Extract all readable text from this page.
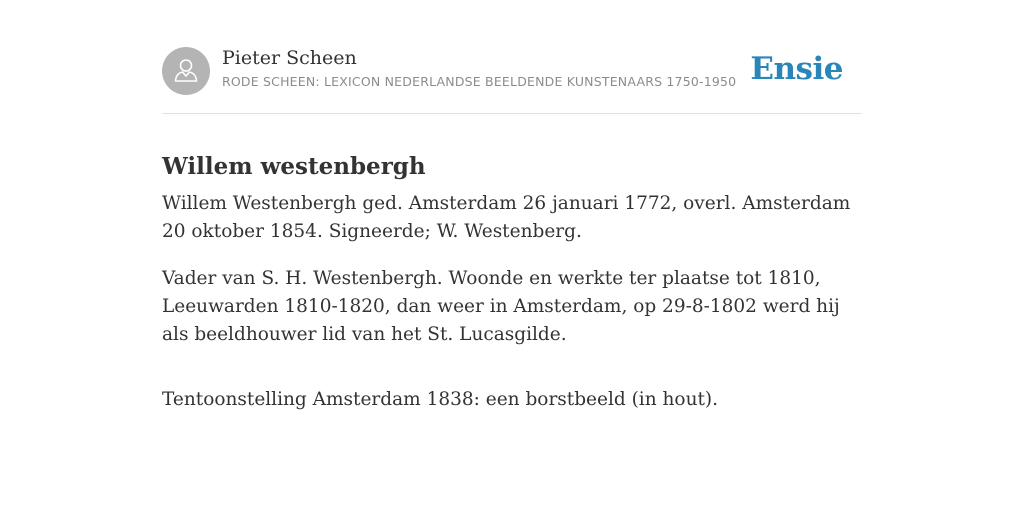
Pieter Scheen
RODE SCHEEN: LEXICON NEDERLANDSE BEELDENDE KUNSTENAARS 1750-1950 Ensie
Willem westenbergh

Willem Westenbergh ged. Amsterdam 26 januari 1772, overl. Amsterdam 20 oktober 1854. Signeerde; W. Westenberg.

Vader van S. H. Westenbergh. Woonde en werkte ter plaatse tot 1810, Leeuwarden 1810-1820, dan weer in Amsterdam, op 29-8-1802 werd hij als beeldhouwer lid van het St. Lucasgilde.

Tentoonstelling Amsterdam 1838: een borstbeeld (in hout).
